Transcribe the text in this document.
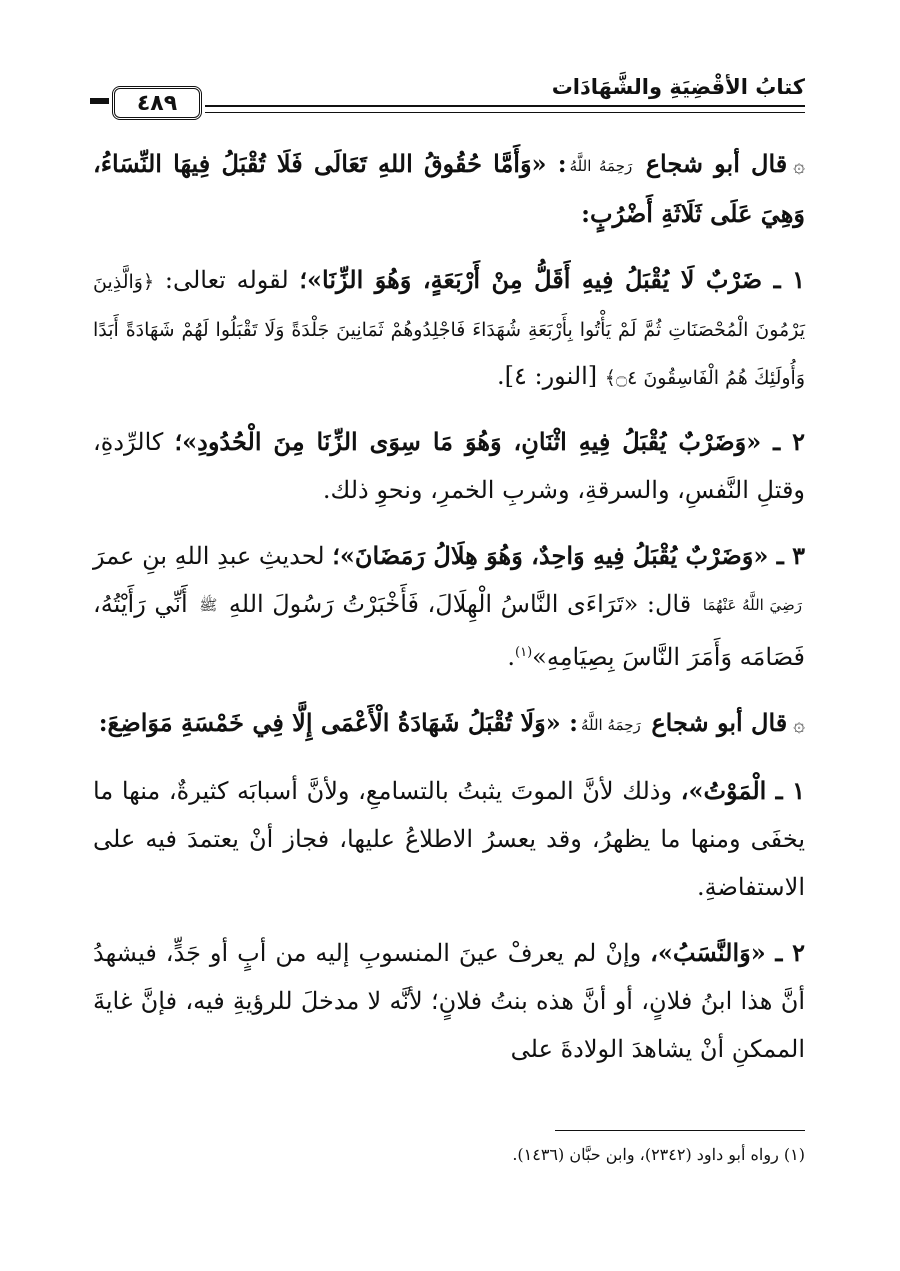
كتابُ الأقْضِيَةِ والشَّهَادَات
٤٨٩

۞قال أبو شجاع رَحِمَهُ اللَّهُ: «وَأَمَّا حُقُوقُ اللهِ تَعَالَى فَلَا تُقْبَلُ فِيهَا النِّسَاءُ، وَهِيَ عَلَى ثَلَاثَةِ أَضْرُبٍ:

١ ـ ضَرْبٌ لَا يُقْبَلُ فِيهِ أَقَلُّ مِنْ أَرْبَعَةٍ، وَهُوَ الزِّنَا»؛ لقوله تعالى: ﴿وَالَّذِينَ يَرْمُونَ الْمُحْصَنَاتِ ثُمَّ لَمْ يَأْتُوا بِأَرْبَعَةِ شُهَدَاءَ فَاجْلِدُوهُمْ ثَمَانِينَ جَلْدَةً وَلَا تَقْبَلُوا لَهُمْ شَهَادَةً أَبَدًا وَأُولَئِكَ هُمُ الْفَاسِقُونَ ۝٤﴾ [النور: ٤].

٢ ـ «وَضَرْبٌ يُقْبَلُ فِيهِ اثْنَانِ، وَهُوَ مَا سِوَى الزِّنَا مِنَ الْحُدُودِ»؛ كالرِّدةِ، وقتلِ النَّفسِ، والسرقةِ، وشربِ الخمرِ، ونحوِ ذلك.

٣ ـ «وَضَرْبٌ يُقْبَلُ فِيهِ وَاحِدٌ، وَهُوَ هِلَالُ رَمَضَانَ»؛ لحديثِ عبدِ اللهِ بنِ عمرَ رَضِيَ اللَّهُ عَنْهُمَا قال: «تَرَاءَى النَّاسُ الْهِلَالَ، فَأَخْبَرْتُ رَسُولَ اللهِ ﷺ أَنِّي رَأَيْتُهُ، فَصَامَه وَأَمَرَ النَّاسَ بِصِيَامِهِ»$^{(١)}$.

۞قال أبو شجاع رَحِمَهُ اللَّهُ: «وَلَا تُقْبَلُ شَهَادَةُ الْأَعْمَى إِلَّا فِي خَمْسَةِ مَوَاضِعَ:

١ ـ الْمَوْتُ»، وذلك لأنَّ الموتَ يثبتُ بالتسامعِ، ولأنَّ أسبابَه كثيرةٌ، منها ما يخفَى ومنها ما يظهرُ، وقد يعسرُ الاطلاعُ عليها، فجاز أنْ يعتمدَ فيه على الاستفاضةِ.

٢ ـ «وَالنَّسَبُ»، وإنْ لم يعرفْ عينَ المنسوبِ إليه من أبٍ أو جَدٍّ، فيشهدُ أنَّ هذا ابنُ فلانٍ، أو أنَّ هذه بنتُ فلانٍ؛ لأنَّه لا مدخلَ للرؤيةِ فيه، فإنَّ غايةَ الممكنِ أنْ يشاهدَ الولادةَ على

(١) رواه أبو داود (٢٣٤٢)، وابن حبَّان (١٤٣٦).
